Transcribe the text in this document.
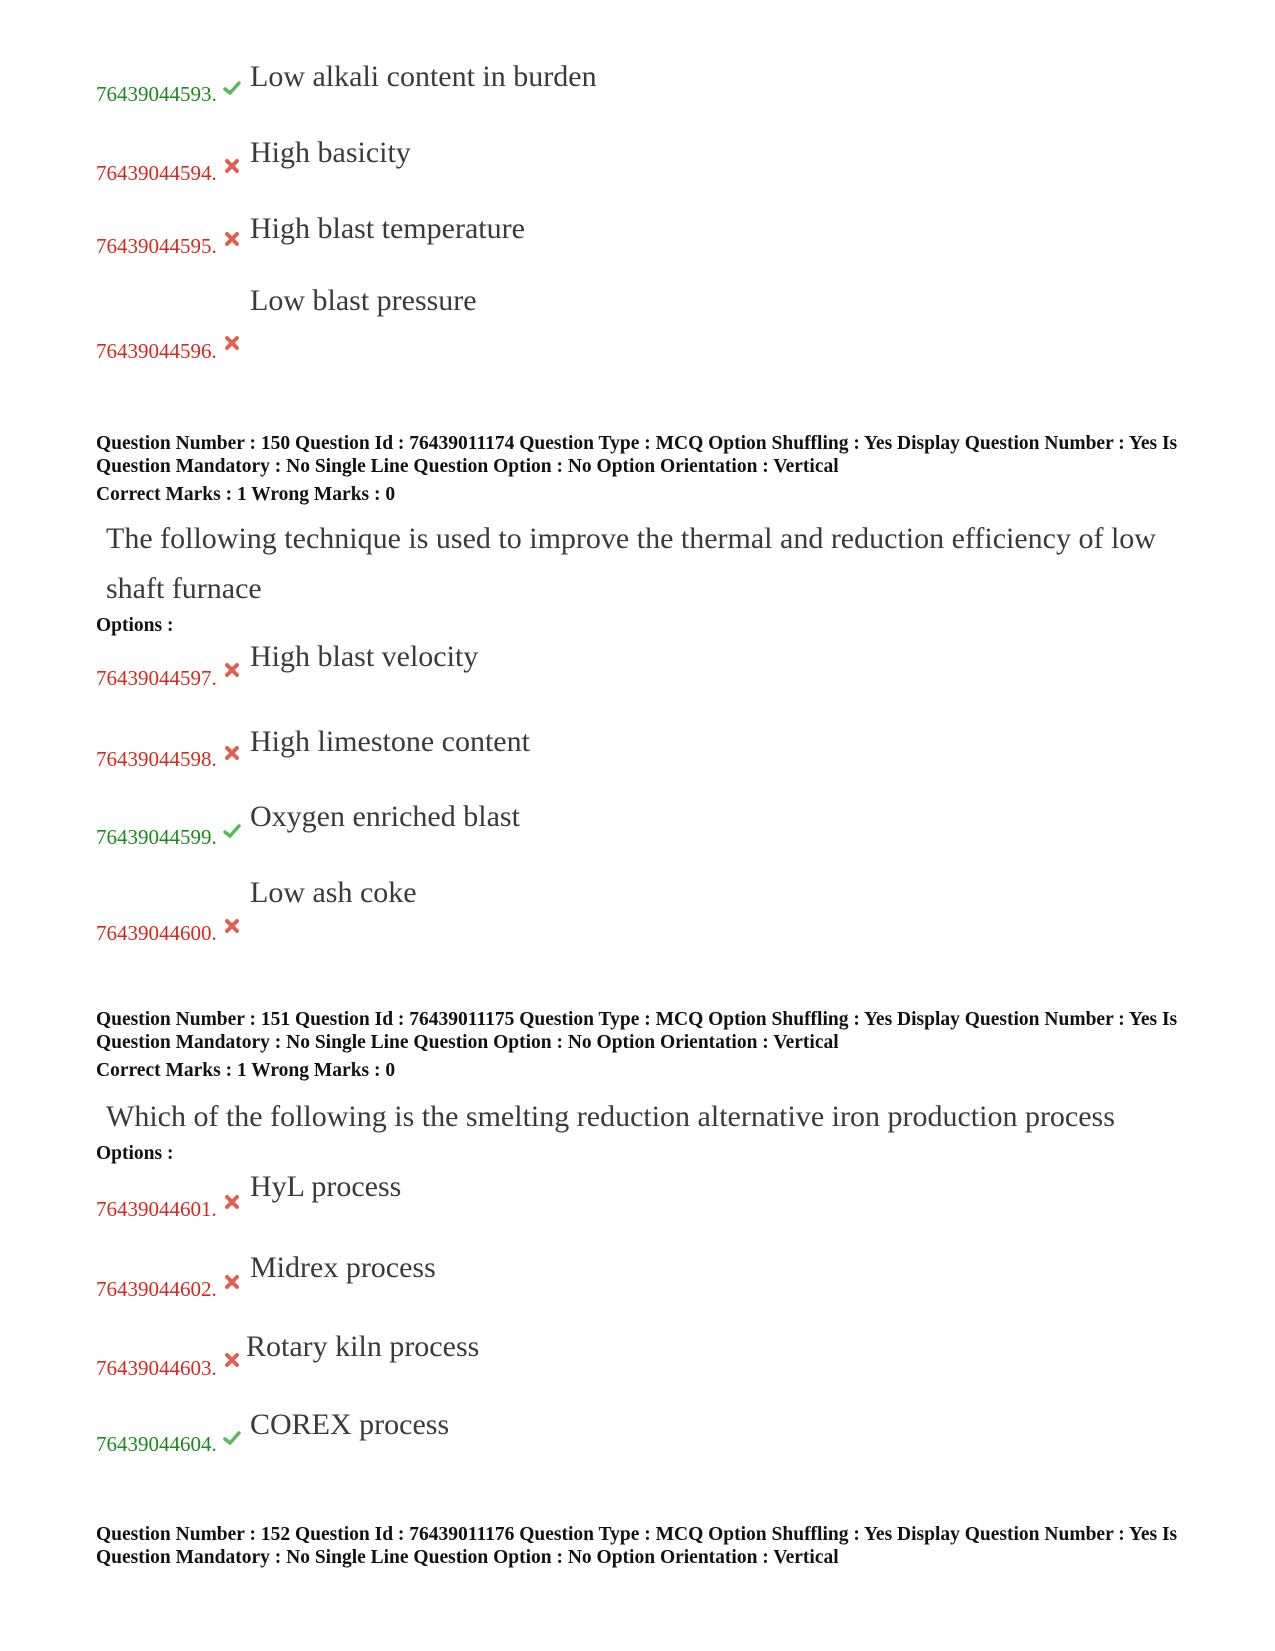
76439044593.
Low alkali content in burden
76439044594.
High basicity
76439044595.
High blast temperature
76439044596.
Low blast pressure
Question Number : 150 Question Id : 76439011174 Question Type : MCQ Option Shuffling : Yes Display Question Number : Yes Is Question Mandatory : No Single Line Question Option : No Option Orientation : Vertical
Correct Marks : 1 Wrong Marks : 0
The following technique is used to improve the thermal and reduction efficiency of low shaft furnace
Options :
76439044597.
High blast velocity
76439044598.
High limestone content
76439044599.
Oxygen enriched blast
76439044600.
Low ash coke
Question Number : 151 Question Id : 76439011175 Question Type : MCQ Option Shuffling : Yes Display Question Number : Yes Is Question Mandatory : No Single Line Question Option : No Option Orientation : Vertical
Correct Marks : 1 Wrong Marks : 0
Which of the following is the smelting reduction alternative iron production process
Options :
76439044601.
HyL process
76439044602.
Midrex process
76439044603.
Rotary kiln process
76439044604.
COREX process
Question Number : 152 Question Id : 76439011176 Question Type : MCQ Option Shuffling : Yes Display Question Number : Yes Is Question Mandatory : No Single Line Question Option : No Option Orientation : Vertical
